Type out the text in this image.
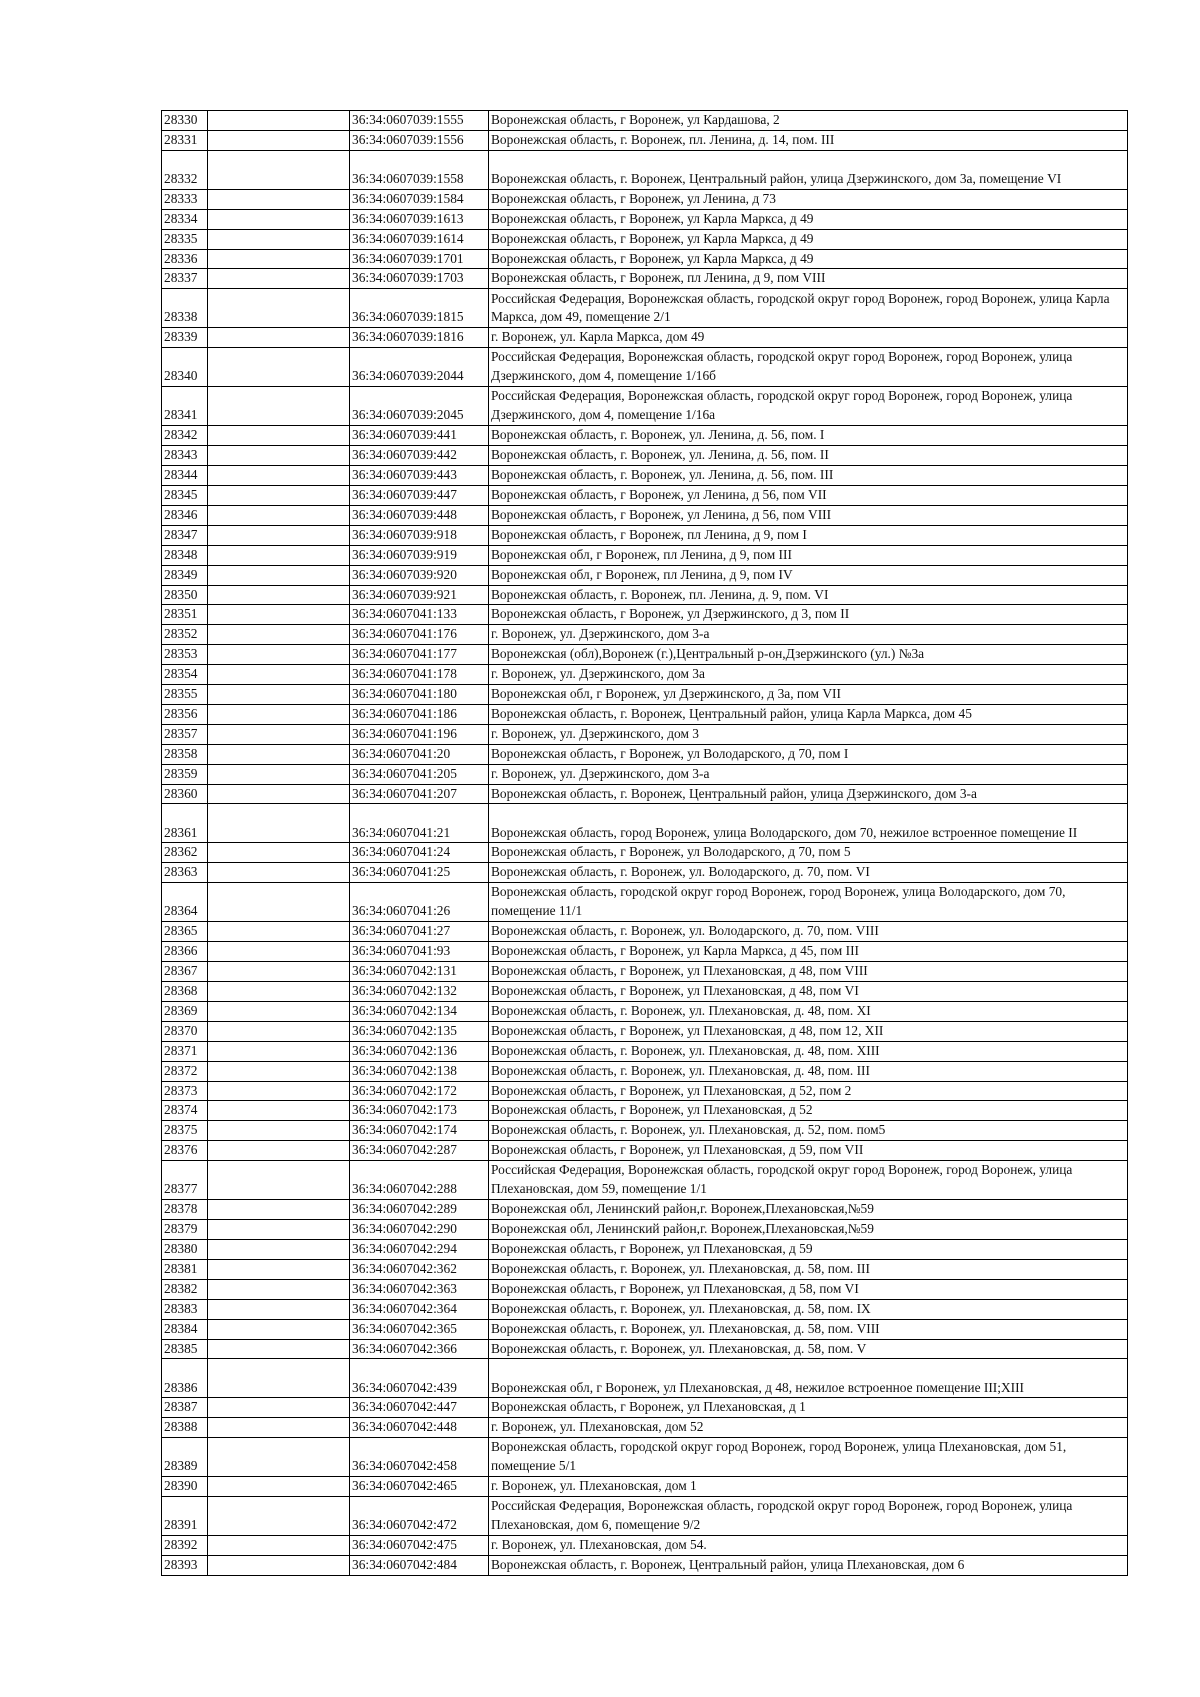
28330		36:34:0607039:1555	Воронежская область, г Воронеж, ул Кардашова, 2
28331		36:34:0607039:1556	Воронежская область, г. Воронеж, пл. Ленина, д. 14, пом. III
28332		36:34:0607039:1558	Воронежская область, г. Воронеж, Центральный район, улица Дзержинского, дом 3а, помещение VI
28333		36:34:0607039:1584	Воронежская область, г Воронеж, ул Ленина, д 73
28334		36:34:0607039:1613	Воронежская область, г Воронеж, ул Карла Маркса, д 49
28335		36:34:0607039:1614	Воронежская область, г Воронеж, ул Карла Маркса, д 49
28336		36:34:0607039:1701	Воронежская область, г Воронеж, ул Карла Маркса, д 49
28337		36:34:0607039:1703	Воронежская область, г Воронеж, пл Ленина, д 9, пом VIII
28338		36:34:0607039:1815	Российская Федерация, Воронежская область, городской округ город Воронеж, город Воронеж, улица Карла Маркса, дом 49, помещение 2/1
28339		36:34:0607039:1816	г. Воронеж, ул. Карла Маркса, дом 49
28340		36:34:0607039:2044	Российская Федерация, Воронежская область, городской округ город Воронеж, город Воронеж, улица Дзержинского, дом 4, помещение 1/16б
28341		36:34:0607039:2045	Российская Федерация, Воронежская область, городской округ город Воронеж, город Воронеж, улица Дзержинского, дом 4, помещение 1/16а
28342		36:34:0607039:441	Воронежская область, г. Воронеж, ул. Ленина, д. 56, пом. I
28343		36:34:0607039:442	Воронежская область, г. Воронеж, ул. Ленина, д. 56, пом. II
28344		36:34:0607039:443	Воронежская область, г. Воронеж, ул. Ленина, д. 56, пом. III
28345		36:34:0607039:447	Воронежская область, г Воронеж, ул Ленина, д 56, пом VII
28346		36:34:0607039:448	Воронежская область, г Воронеж, ул Ленина, д 56, пом VIII
28347		36:34:0607039:918	Воронежская область, г Воронеж, пл Ленина, д 9, пом I
28348		36:34:0607039:919	Воронежская обл, г Воронеж, пл Ленина, д 9, пом III
28349		36:34:0607039:920	Воронежская обл, г Воронеж, пл Ленина, д 9, пом IV
28350		36:34:0607039:921	Воронежская область, г. Воронеж, пл. Ленина, д. 9, пом. VI
28351		36:34:0607041:133	Воронежская область, г Воронеж, ул Дзержинского, д 3, пом II
28352		36:34:0607041:176	г. Воронеж, ул. Дзержинского, дом 3-а
28353		36:34:0607041:177	Воронежская (обл),Воронеж (г.),Центральный р-он,Дзержинского (ул.) №3а
28354		36:34:0607041:178	г. Воронеж, ул. Дзержинского, дом 3а
28355		36:34:0607041:180	Воронежская обл, г Воронеж, ул Дзержинского, д 3а, пом VII
28356		36:34:0607041:186	Воронежская область, г. Воронеж, Центральный район, улица Карла Маркса, дом 45
28357		36:34:0607041:196	г. Воронеж, ул. Дзержинского, дом 3
28358		36:34:0607041:20	Воронежская область, г Воронеж, ул Володарского, д 70, пом I
28359		36:34:0607041:205	г. Воронеж, ул. Дзержинского, дом 3-а
28360		36:34:0607041:207	Воронежская область, г. Воронеж, Центральный район, улица Дзержинского, дом 3-а
28361		36:34:0607041:21	Воронежская область, город Воронеж, улица Володарского, дом 70, нежилое встроенное помещение II
28362		36:34:0607041:24	Воронежская область, г Воронеж, ул Володарского, д 70, пом 5
28363		36:34:0607041:25	Воронежская область, г. Воронеж, ул. Володарского, д. 70, пом. VI
28364		36:34:0607041:26	Воронежская область, городской округ город Воронеж, город Воронеж, улица Володарского, дом 70, помещение 11/1
28365		36:34:0607041:27	Воронежская область, г. Воронеж, ул. Володарского, д. 70, пом. VIII
28366		36:34:0607041:93	Воронежская область, г Воронеж, ул Карла Маркса, д 45, пом III
28367		36:34:0607042:131	Воронежская область, г Воронеж, ул Плехановская, д 48, пом VIII
28368		36:34:0607042:132	Воронежская область, г Воронеж, ул Плехановская, д 48, пом VI
28369		36:34:0607042:134	Воронежская область, г. Воронеж, ул. Плехановская, д. 48, пом. XI
28370		36:34:0607042:135	Воронежская область, г Воронеж, ул Плехановская, д 48, пом 12, XII
28371		36:34:0607042:136	Воронежская область, г. Воронеж, ул. Плехановская, д. 48, пом. XIII
28372		36:34:0607042:138	Воронежская область, г. Воронеж, ул. Плехановская, д. 48, пом. III
28373		36:34:0607042:172	Воронежская область, г Воронеж, ул Плехановская, д 52, пом 2
28374		36:34:0607042:173	Воронежская область, г Воронеж, ул Плехановская, д 52
28375		36:34:0607042:174	Воронежская область, г. Воронеж, ул. Плехановская, д. 52, пом. пом5
28376		36:34:0607042:287	Воронежская область, г Воронеж, ул Плехановская, д 59, пом VII
28377		36:34:0607042:288	Российская Федерация, Воронежская область, городской округ город Воронеж, город Воронеж, улица Плехановская, дом 59, помещение 1/1
28378		36:34:0607042:289	Воронежская обл, Ленинский район,г. Воронеж,Плехановская,№59
28379		36:34:0607042:290	Воронежская обл, Ленинский район,г. Воронеж,Плехановская,№59
28380		36:34:0607042:294	Воронежская область, г Воронеж, ул Плехановская, д 59
28381		36:34:0607042:362	Воронежская область, г. Воронеж, ул. Плехановская, д. 58, пом. III
28382		36:34:0607042:363	Воронежская область, г Воронеж, ул Плехановская, д 58, пом VI
28383		36:34:0607042:364	Воронежская область, г. Воронеж, ул. Плехановская, д. 58, пом. IX
28384		36:34:0607042:365	Воронежская область, г. Воронеж, ул. Плехановская, д. 58, пом. VIII
28385		36:34:0607042:366	Воронежская область, г. Воронеж, ул. Плехановская, д. 58, пом. V
28386		36:34:0607042:439	Воронежская обл, г Воронеж, ул Плехановская, д 48, нежилое встроенное помещение III;XIII
28387		36:34:0607042:447	Воронежская область, г Воронеж, ул Плехановская, д 1
28388		36:34:0607042:448	г. Воронеж, ул. Плехановская, дом 52
28389		36:34:0607042:458	Воронежская область, городской округ город Воронеж, город Воронеж, улица Плехановская, дом 51, помещение 5/1
28390		36:34:0607042:465	г. Воронеж, ул. Плехановская, дом 1
28391		36:34:0607042:472	Российская Федерация, Воронежская область, городской округ город Воронеж, город Воронеж, улица Плехановская, дом 6, помещение 9/2
28392		36:34:0607042:475	г. Воронеж, ул. Плехановская, дом 54.
28393		36:34:0607042:484	Воронежская область, г. Воронеж, Центральный район, улица Плехановская, дом 6
